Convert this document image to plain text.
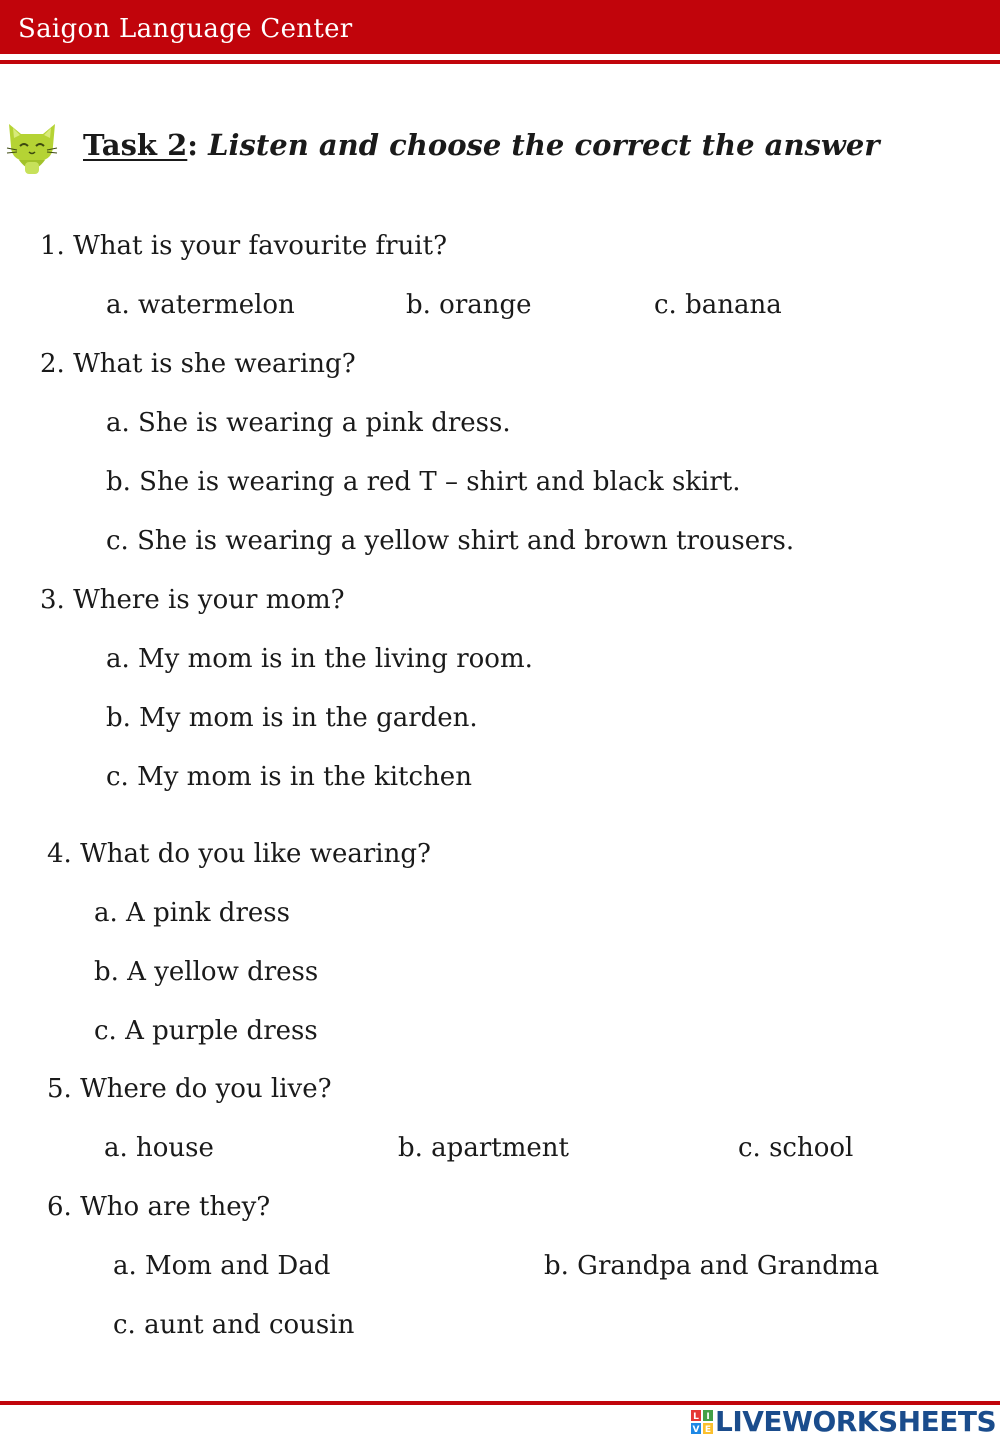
Saigon Language Center
Task 2: Listen and choose the correct the answer
1. What is your favourite fruit?
a. watermelon	b. orange	c. banana
2. What is she wearing?
a. She is wearing a pink dress.
b. She is wearing a red T – shirt and black skirt.
c. She is wearing a yellow shirt and brown trousers.
3. Where is your mom?
a. My mom is in the living room.
b. My mom is in the garden.
c. My mom is in the kitchen
4. What do you like wearing?
a. A pink dress
b. A yellow dress
c. A purple dress
5. Where do you live?
a. house	b. apartment	c. school
6. Who are they?
a. Mom and Dad	b. Grandpa and Grandma
c. aunt and cousin
L I
V E LIVEWORKSHEETS
